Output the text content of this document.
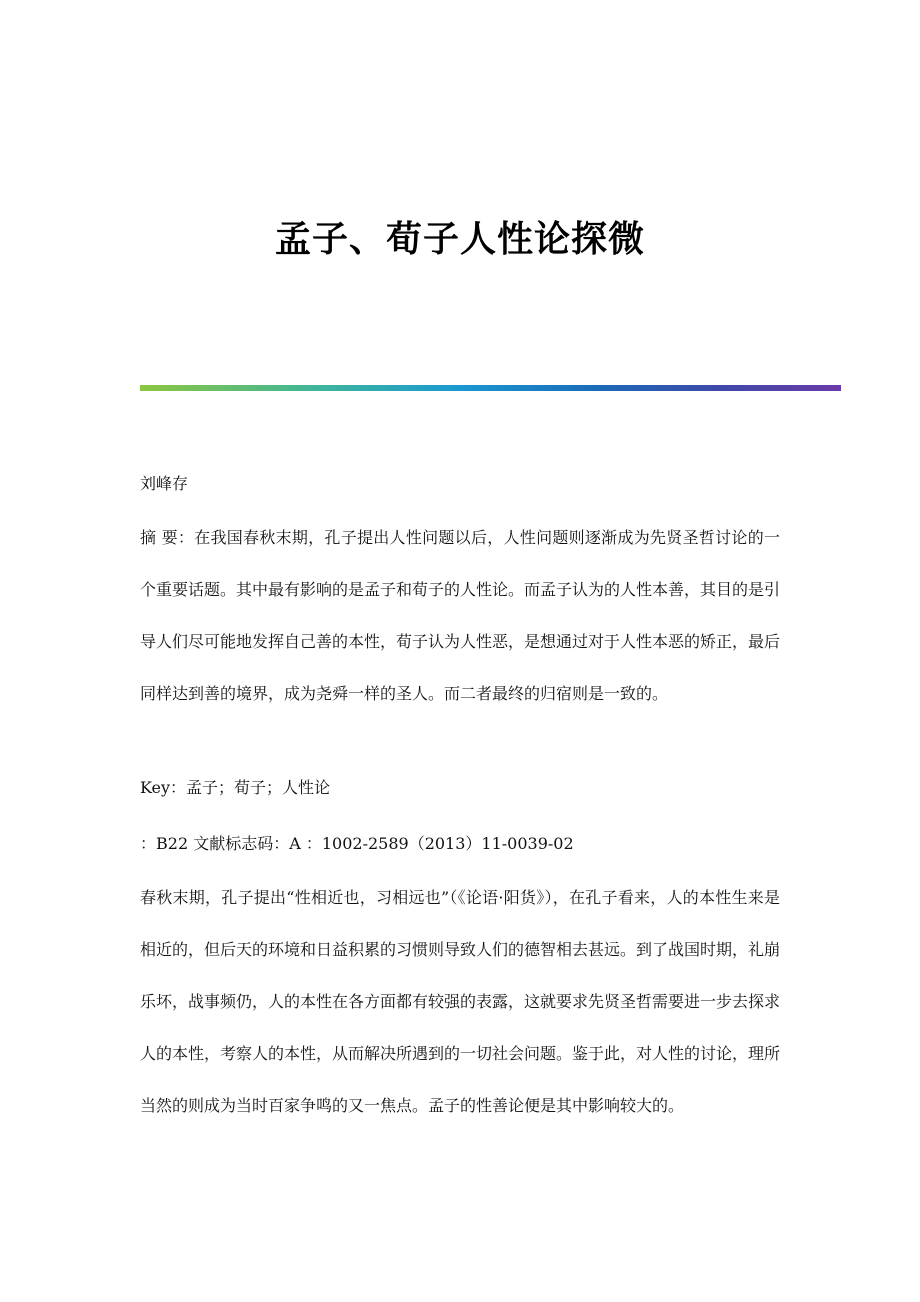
孟子、荀子人性论探微

刘峰存

摘 要：在我国春秋末期，孔子提出人性问题以后，人性问题则逐渐成为先贤圣哲讨论的一个重要话题。其中最有影响的是孟子和荀子的人性论。而孟子认为的人性本善，其目的是引导人们尽可能地发挥自己善的本性，荀子认为人性恶，是想通过对于人性本恶的矫正，最后同样达到善的境界，成为尧舜一样的圣人。而二者最终的归宿则是一致的。

Key：孟子；荀子；人性论

：B22 文献标志码：A ：1002-2589（2013）11-0039-02

春秋末期，孔子提出“性相近也，习相远也”（《论语·阳货》），在孔子看来，人的本性生来是相近的，但后天的环境和日益积累的习惯则导致人们的德智相去甚远。到了战国时期，礼崩乐坏，战事频仍，人的本性在各方面都有较强的表露，这就要求先贤圣哲需要进一步去探求人的本性，考察人的本性，从而解决所遇到的一切社会问题。鉴于此，对人性的讨论，理所当然的则成为当时百家争鸣的又一焦点。孟子的性善论便是其中影响较大的。
